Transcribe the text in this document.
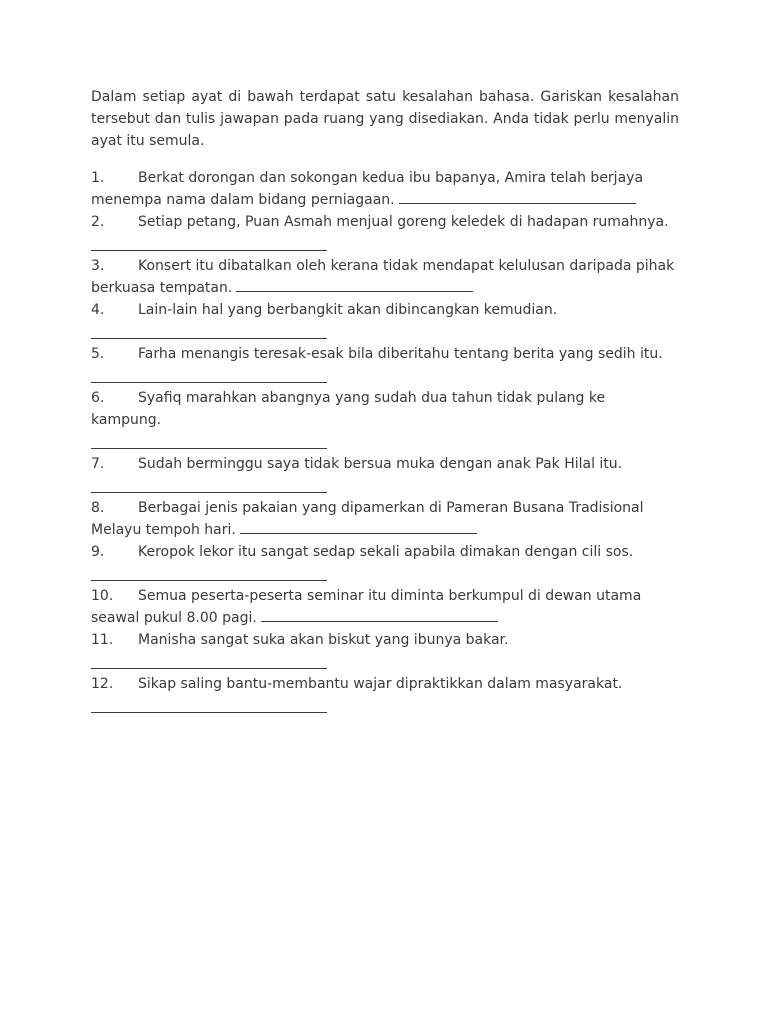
Dalam setiap ayat di bawah terdapat satu kesalahan bahasa. Gariskan kesalahan tersebut dan tulis jawapan pada ruang yang disediakan. Anda tidak perlu menyalin ayat itu semula.

1. Berkat dorongan dan sokongan kedua ibu bapanya, Amira telah berjaya menempa nama dalam bidang perniagaan.
2. Setiap petang, Puan Asmah menjual goreng keledek di hadapan rumahnya.
3. Konsert itu dibatalkan oleh kerana tidak mendapat kelulusan daripada pihak berkuasa tempatan.
4. Lain-lain hal yang berbangkit akan dibincangkan kemudian.
5. Farha menangis teresak-esak bila diberitahu tentang berita yang sedih itu.
6. Syafiq marahkan abangnya yang sudah dua tahun tidak pulang ke kampung.
7. Sudah berminggu saya tidak bersua muka dengan anak Pak Hilal itu.
8. Berbagai jenis pakaian yang dipamerkan di Pameran Busana Tradisional Melayu tempoh hari.
9. Keropok lekor itu sangat sedap sekali apabila dimakan dengan cili sos.
10. Semua peserta-peserta seminar itu diminta berkumpul di dewan utama seawal pukul 8.00 pagi.
11. Manisha sangat suka akan biskut yang ibunya bakar.
12. Sikap saling bantu-membantu wajar dipraktikkan dalam masyarakat.
